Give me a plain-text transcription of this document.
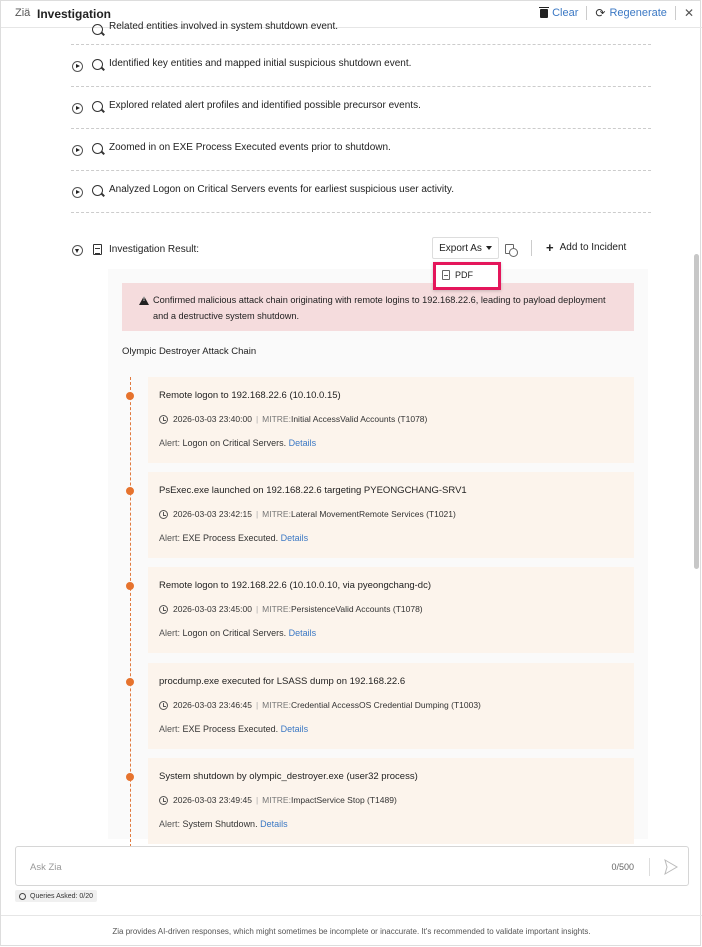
Ziä Investigation	Clear ⟳ Regenerate ✕
Related entities involved in system shutdown event.
Identified key entities and mapped initial suspicious shutdown event.
Explored related alert profiles and identified possible precursor events.
Zoomed in on EXE Process Executed events prior to shutdown.
Analyzed Logon on Critical Servers events for earliest suspicious user activity.
Investigation Result:	Export As	+ Add to Incident
!
Confirmed malicious attack chain originating with remote logins to 192.168.22.6, leading to payload deployment and a destructive system shutdown.
Olympic Destroyer Attack Chain
Remote logon to 192.168.22.6 (10.10.0.15)
2026-03-03 23:40:00 | MITRE: Initial AccessValid Accounts (T1078)
Alert: Logon on Critical Servers. Details
PsExec.exe launched on 192.168.22.6 targeting PYEONGCHANG-SRV1
2026-03-03 23:42:15 | MITRE: Lateral MovementRemote Services (T1021)
Alert: EXE Process Executed. Details
Remote logon to 192.168.22.6 (10.10.0.10, via pyeongchang-dc)
2026-03-03 23:45:00 | MITRE: PersistenceValid Accounts (T1078)
Alert: Logon on Critical Servers. Details
procdump.exe executed for LSASS dump on 192.168.22.6
2026-03-03 23:46:45 | MITRE: Credential AccessOS Credential Dumping (T1003)
Alert: EXE Process Executed. Details
System shutdown by olympic_destroyer.exe (user32 process)
2026-03-03 23:49:45 | MITRE: ImpactService Stop (T1489)
Alert: System Shutdown. Details
PDF
Ask Zia
0/500
Queries Asked: 0/20
Zia provides AI-driven responses, which might sometimes be incomplete or inaccurate. It's recommended to validate important insights.
